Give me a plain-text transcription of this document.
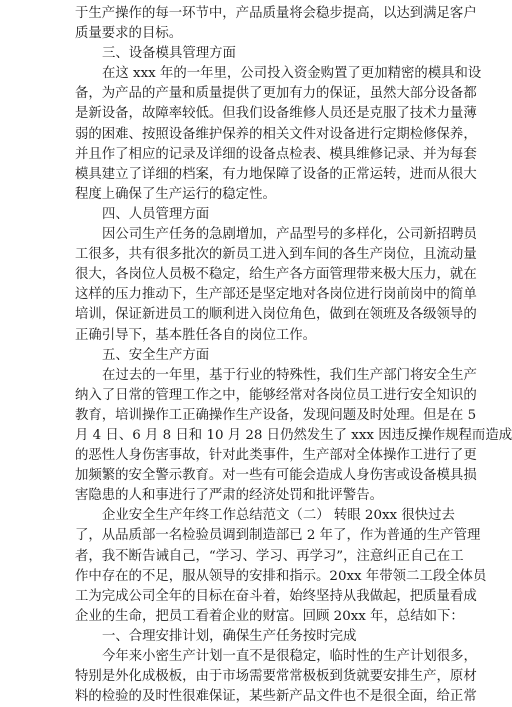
于生产操作的每一环节中，产品质量将会稳步提高，以达到满足客户
质量要求的目标。
三、设备模具管理方面
在这 xxx 年的一年里，公司投入资金购置了更加精密的模具和设
备，为产品的产量和质量提供了更加有力的保证，虽然大部分设备都
是新设备，故障率较低。但我们设备维修人员还是克服了技术力量薄
弱的困难、按照设备维护保养的相关文件对设备进行定期检修保养，
并且作了相应的记录及详细的设备点检表、模具维修记录、并为每套
模具建立了详细的档案，有力地保障了设备的正常运转，进而从很大
程度上确保了生产运行的稳定性。
四、人员管理方面
因公司生产任务的急剧增加，产品型号的多样化，公司新招聘员
工很多，共有很多批次的新员工进入到车间的各生产岗位，且流动量
很大，各岗位人员极不稳定，给生产各方面管理带来极大压力，就在
这样的压力推动下，生产部还是坚定地对各岗位进行岗前岗中的简单
培训，保证新进员工的顺利进入岗位角色，做到在领班及各级领导的
正确引导下，基本胜任各自的岗位工作。
五、安全生产方面
在过去的一年里，基于行业的特殊性，我们生产部门将安全生产
纳入了日常的管理工作之中，能够经常对各岗位员工进行安全知识的
教育，培训操作工正确操作生产设备，发现问题及时处理。但是在 5
月 4 日、6 月 8 日和 10 月 28 日仍然发生了 xxx 因违反操作规程而造成
的恶性人身伤害事故，针对此类事件，生产部对全体操作工进行了更
加频繁的安全警示教育。对一些有可能会造成人身伤害或设备模具损
害隐患的人和事进行了严肃的经济处罚和批评警告。
企业安全生产年终工作总结范文（二） 转眼 20xx 很快过去
了，从品质部一名检验员调到制造部已 2 年了，作为普通的生产管理
者，我不断告诫自己，“学习、学习、再学习”，注意纠正自己在工
作中存在的不足，服从领导的安排和指示。20xx 年带领二工段全体员
工为完成公司全年的目标在奋斗着，始终坚持从我做起，把质量看成
企业的生命，把员工看着企业的财富。回顾 20xx 年，总结如下：
一、合理安排计划，确保生产任务按时完成
今年来小密生产计划一直不是很稳定，临时性的生产计划很多，
特别是外化成极板，由于市场需要常常极板到货就要安排生产，原材
料的检验的及时性很难保证，某些新产品文件也不是很全面，给正常
